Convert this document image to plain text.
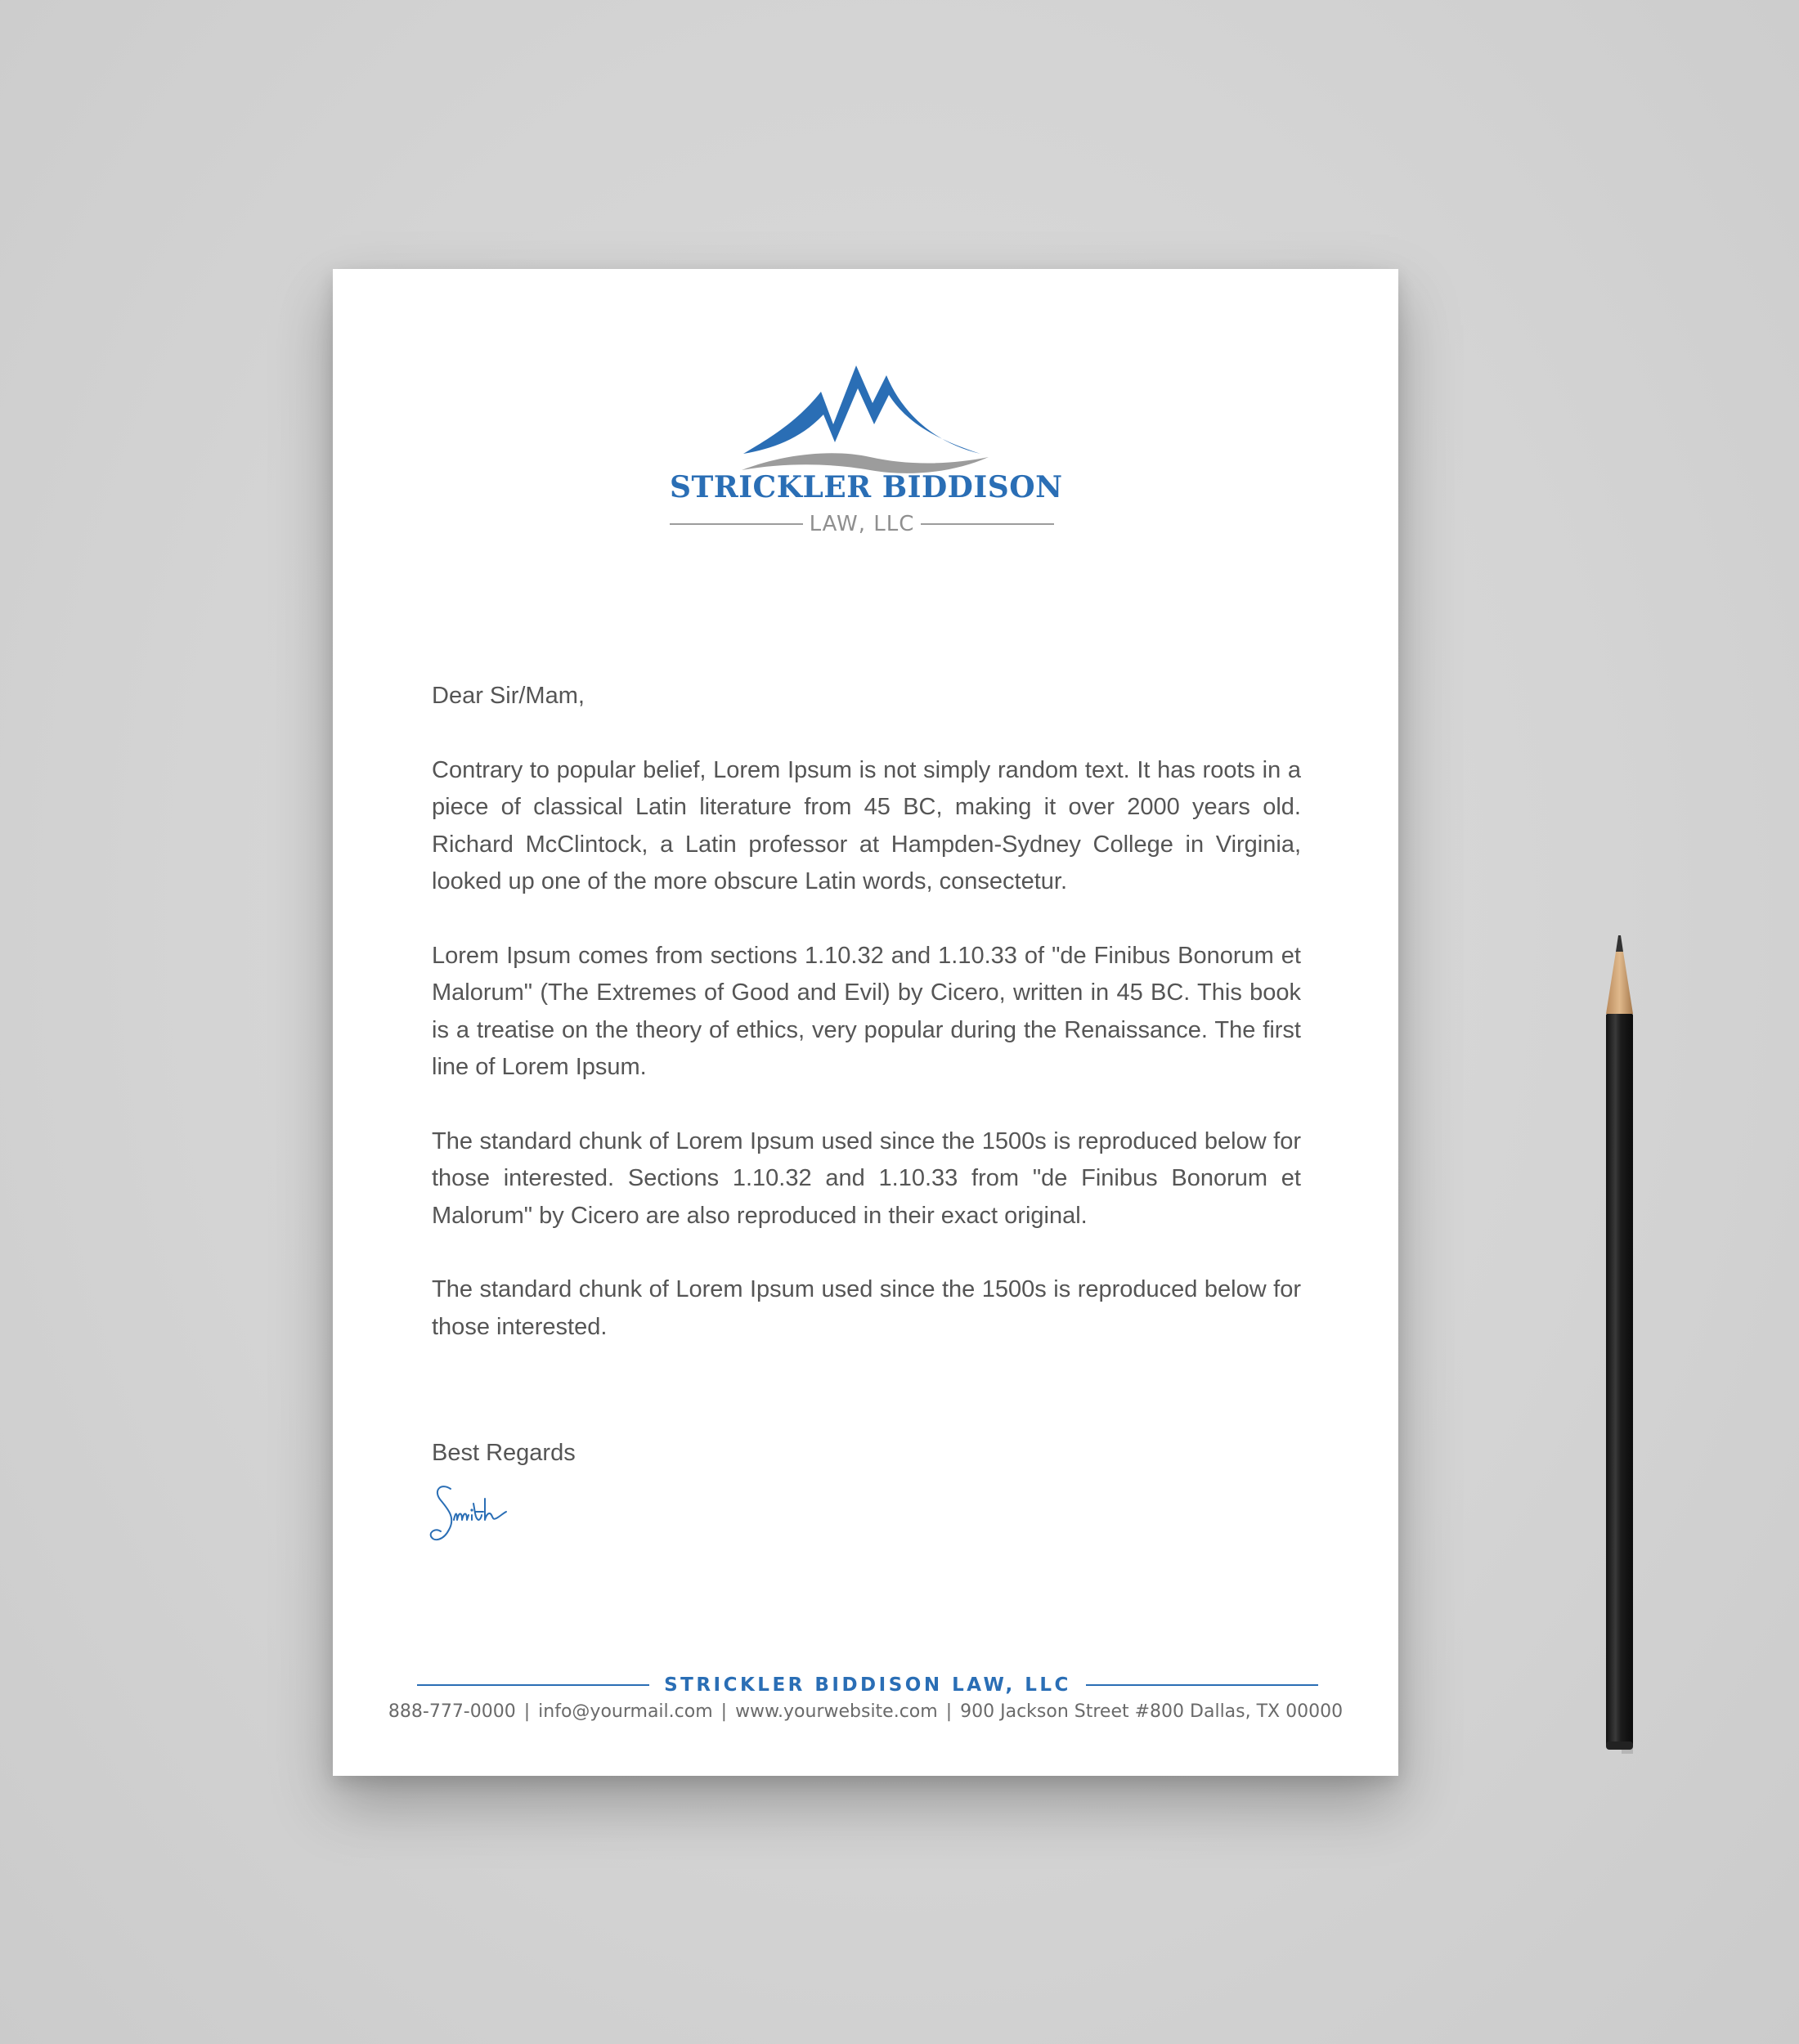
STRICKLER BIDDISON
LAW, LLC

Dear Sir/Mam,

Contrary to popular belief, Lorem Ipsum is not simply random text. It has roots in a piece of classical Latin literature from 45 BC, making it over 2000 years old. Richard McClintock, a Latin professor at Hampden-Sydney College in Virginia, looked up one of the more obscure Latin words, consectetur.

Lorem Ipsum comes from sections 1.10.32 and 1.10.33 of "de Finibus Bonorum et Malorum" (The Extremes of Good and Evil) by Cicero, written in 45 BC. This book is a treatise on the theory of ethics, very popular during the Renaissance. The first line of Lorem Ipsum.

The standard chunk of Lorem Ipsum used since the 1500s is reproduced below for those interested. Sections 1.10.32 and 1.10.33 from "de Finibus Bonorum et Malorum" by Cicero are also reproduced in their exact original.

The standard chunk of Lorem Ipsum used since the 1500s is reproduced below for those interested.

Best Regards
STRICKLER BIDDISON LAW, LLC
888-777-0000 | info@yourmail.com | www.yourwebsite.com | 900 Jackson Street #800 Dallas, TX 00000
